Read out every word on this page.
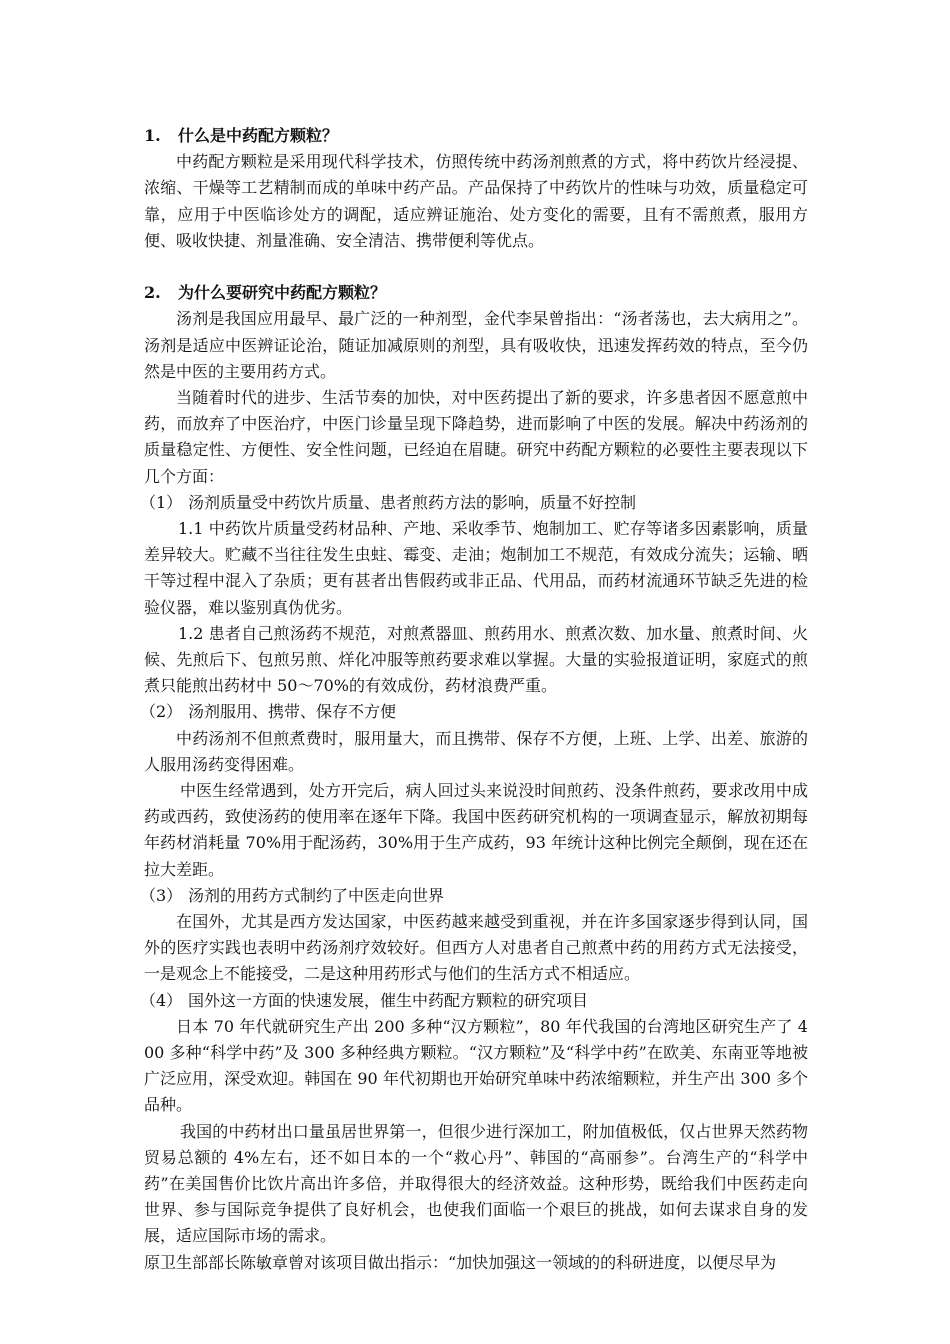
1. 什么是中药配方颗粒？

中药配方颗粒是采用现代科学技术，仿照传统中药汤剂煎煮的方式，将中药饮片经浸提、浓缩、干燥等工艺精制而成的单味中药产品。产品保持了中药饮片的性味与功效，质量稳定可靠，应用于中医临诊处方的调配，适应辨证施治、处方变化的需要，且有不需煎煮，服用方便、吸收快捷、剂量准确、安全清洁、携带便利等优点。

2. 为什么要研究中药配方颗粒？

汤剂是我国应用最早、最广泛的一种剂型，金代李杲曾指出：“汤者荡也，去大病用之”。汤剂是适应中医辨证论治，随证加减原则的剂型，具有吸收快，迅速发挥药效的特点，至今仍然是中医的主要用药方式。

当随着时代的进步、生活节奏的加快，对中医药提出了新的要求，许多患者因不愿意煎中药，而放弃了中医治疗，中医门诊量呈现下降趋势，进而影响了中医的发展。解决中药汤剂的质量稳定性、方便性、安全性问题，已经迫在眉睫。研究中药配方颗粒的必要性主要表现以下几个方面：

（1） 汤剂质量受中药饮片质量、患者煎药方法的影响，质量不好控制

1.1 中药饮片质量受药材品种、产地、采收季节、炮制加工、贮存等诸多因素影响，质量差异较大。贮藏不当往往发生虫蛀、霉变、走油；炮制加工不规范，有效成分流失；运输、晒干等过程中混入了杂质；更有甚者出售假药或非正品、代用品，而药材流通环节缺乏先进的检验仪器，难以鉴别真伪优劣。

1.2 患者自己煎汤药不规范，对煎煮器皿、煎药用水、煎煮次数、加水量、煎煮时间、火候、先煎后下、包煎另煎、烊化冲服等煎药要求难以掌握。大量的实验报道证明，家庭式的煎煮只能煎出药材中 50～70%的有效成份，药材浪费严重。

（2） 汤剂服用、携带、保存不方便

中药汤剂不但煎煮费时，服用量大，而且携带、保存不方便，上班、上学、出差、旅游的人服用汤药变得困难。

中医生经常遇到，处方开完后，病人回过头来说没时间煎药、没条件煎药，要求改用中成药或西药，致使汤药的使用率在逐年下降。我国中医药研究机构的一项调查显示，解放初期每年药材消耗量 70%用于配汤药，30%用于生产成药，93 年统计这种比例完全颠倒，现在还在拉大差距。

（3） 汤剂的用药方式制约了中医走向世界

在国外，尤其是西方发达国家，中医药越来越受到重视，并在许多国家逐步得到认同，国外的医疗实践也表明中药汤剂疗效较好。但西方人对患者自己煎煮中药的用药方式无法接受，一是观念上不能接受，二是这种用药形式与他们的生活方式不相适应。

（4） 国外这一方面的快速发展，催生中药配方颗粒的研究项目

日本 70 年代就研究生产出 200 多种“汉方颗粒”，80 年代我国的台湾地区研究生产了 400 多种“科学中药”及 300 多种经典方颗粒。“汉方颗粒”及“科学中药”在欧美、东南亚等地被广泛应用，深受欢迎。韩国在 90 年代初期也开始研究单味中药浓缩颗粒，并生产出 300 多个品种。

我国的中药材出口量虽居世界第一，但很少进行深加工，附加值极低，仅占世界天然药物贸易总额的 4%左右，还不如日本的一个“救心丹”、韩国的“高丽参”。台湾生产的“科学中药”在美国售价比饮片高出许多倍，并取得很大的经济效益。这种形势，既给我们中医药走向世界、参与国际竞争提供了良好机会，也使我们面临一个艰巨的挑战，如何去谋求自身的发展，适应国际市场的需求。

原卫生部部长陈敏章曾对该项目做出指示：“加快加强这一领域的的科研进度，以便尽早为
